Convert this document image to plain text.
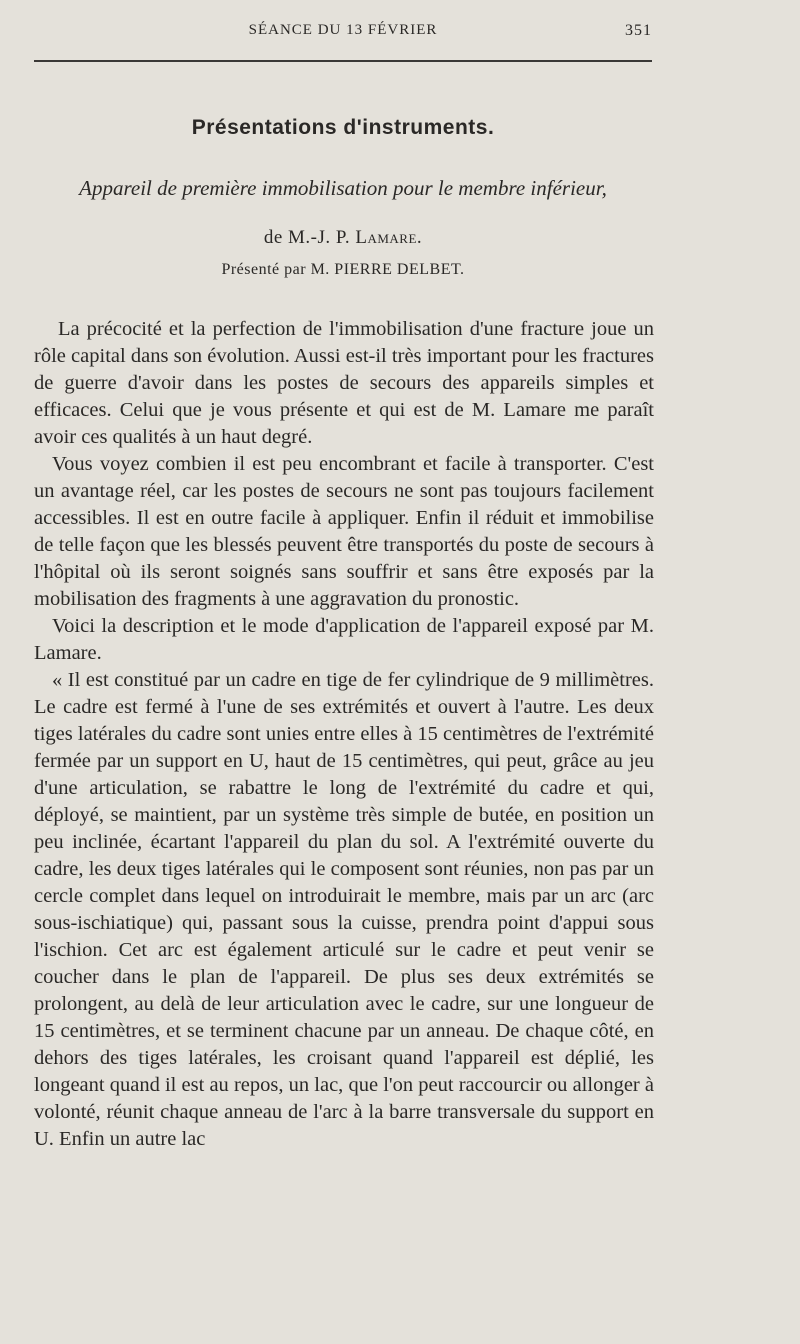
SÉANCE DU 13 FÉVRIER	351
Présentations d'instruments.
Appareil de première immobilisation pour le membre inférieur,
de M.-J. P. Lamare.
Présenté par M. PIERRE DELBET.

La précocité et la perfection de l'immobilisation d'une fracture joue un rôle capital dans son évolution. Aussi est-il très important pour les fractures de guerre d'avoir dans les postes de secours des appareils simples et efficaces. Celui que je vous présente et qui est de M. Lamare me paraît avoir ces qualités à un haut degré.

Vous voyez combien il est peu encombrant et facile à transporter. C'est un avantage réel, car les postes de secours ne sont pas toujours facilement accessibles. Il est en outre facile à appliquer. Enfin il réduit et immobilise de telle façon que les blessés peuvent être transportés du poste de secours à l'hôpital où ils seront soignés sans souffrir et sans être exposés par la mobilisation des fragments à une aggravation du pronostic.

Voici la description et le mode d'application de l'appareil exposé par M. Lamare.

« Il est constitué par un cadre en tige de fer cylindrique de 9 millimètres. Le cadre est fermé à l'une de ses extrémités et ouvert à l'autre. Les deux tiges latérales du cadre sont unies entre elles à 15 centimètres de l'extrémité fermée par un support en U, haut de 15 centimètres, qui peut, grâce au jeu d'une articulation, se rabattre le long de l'extrémité du cadre et qui, déployé, se maintient, par un système très simple de butée, en position un peu inclinée, écartant l'appareil du plan du sol. A l'extrémité ouverte du cadre, les deux tiges latérales qui le composent sont réunies, non pas par un cercle complet dans lequel on introduirait le membre, mais par un arc (arc sous-ischiatique) qui, passant sous la cuisse, prendra point d'appui sous l'ischion. Cet arc est également articulé sur le cadre et peut venir se coucher dans le plan de l'appareil. De plus ses deux extrémités se prolongent, au delà de leur articulation avec le cadre, sur une longueur de 15 centimètres, et se terminent chacune par un anneau. De chaque côté, en dehors des tiges latérales, les croisant quand l'appareil est déplié, les longeant quand il est au repos, un lac, que l'on peut raccourcir ou allonger à volonté, réunit chaque anneau de l'arc à la barre transversale du support en U. Enfin un autre lac
